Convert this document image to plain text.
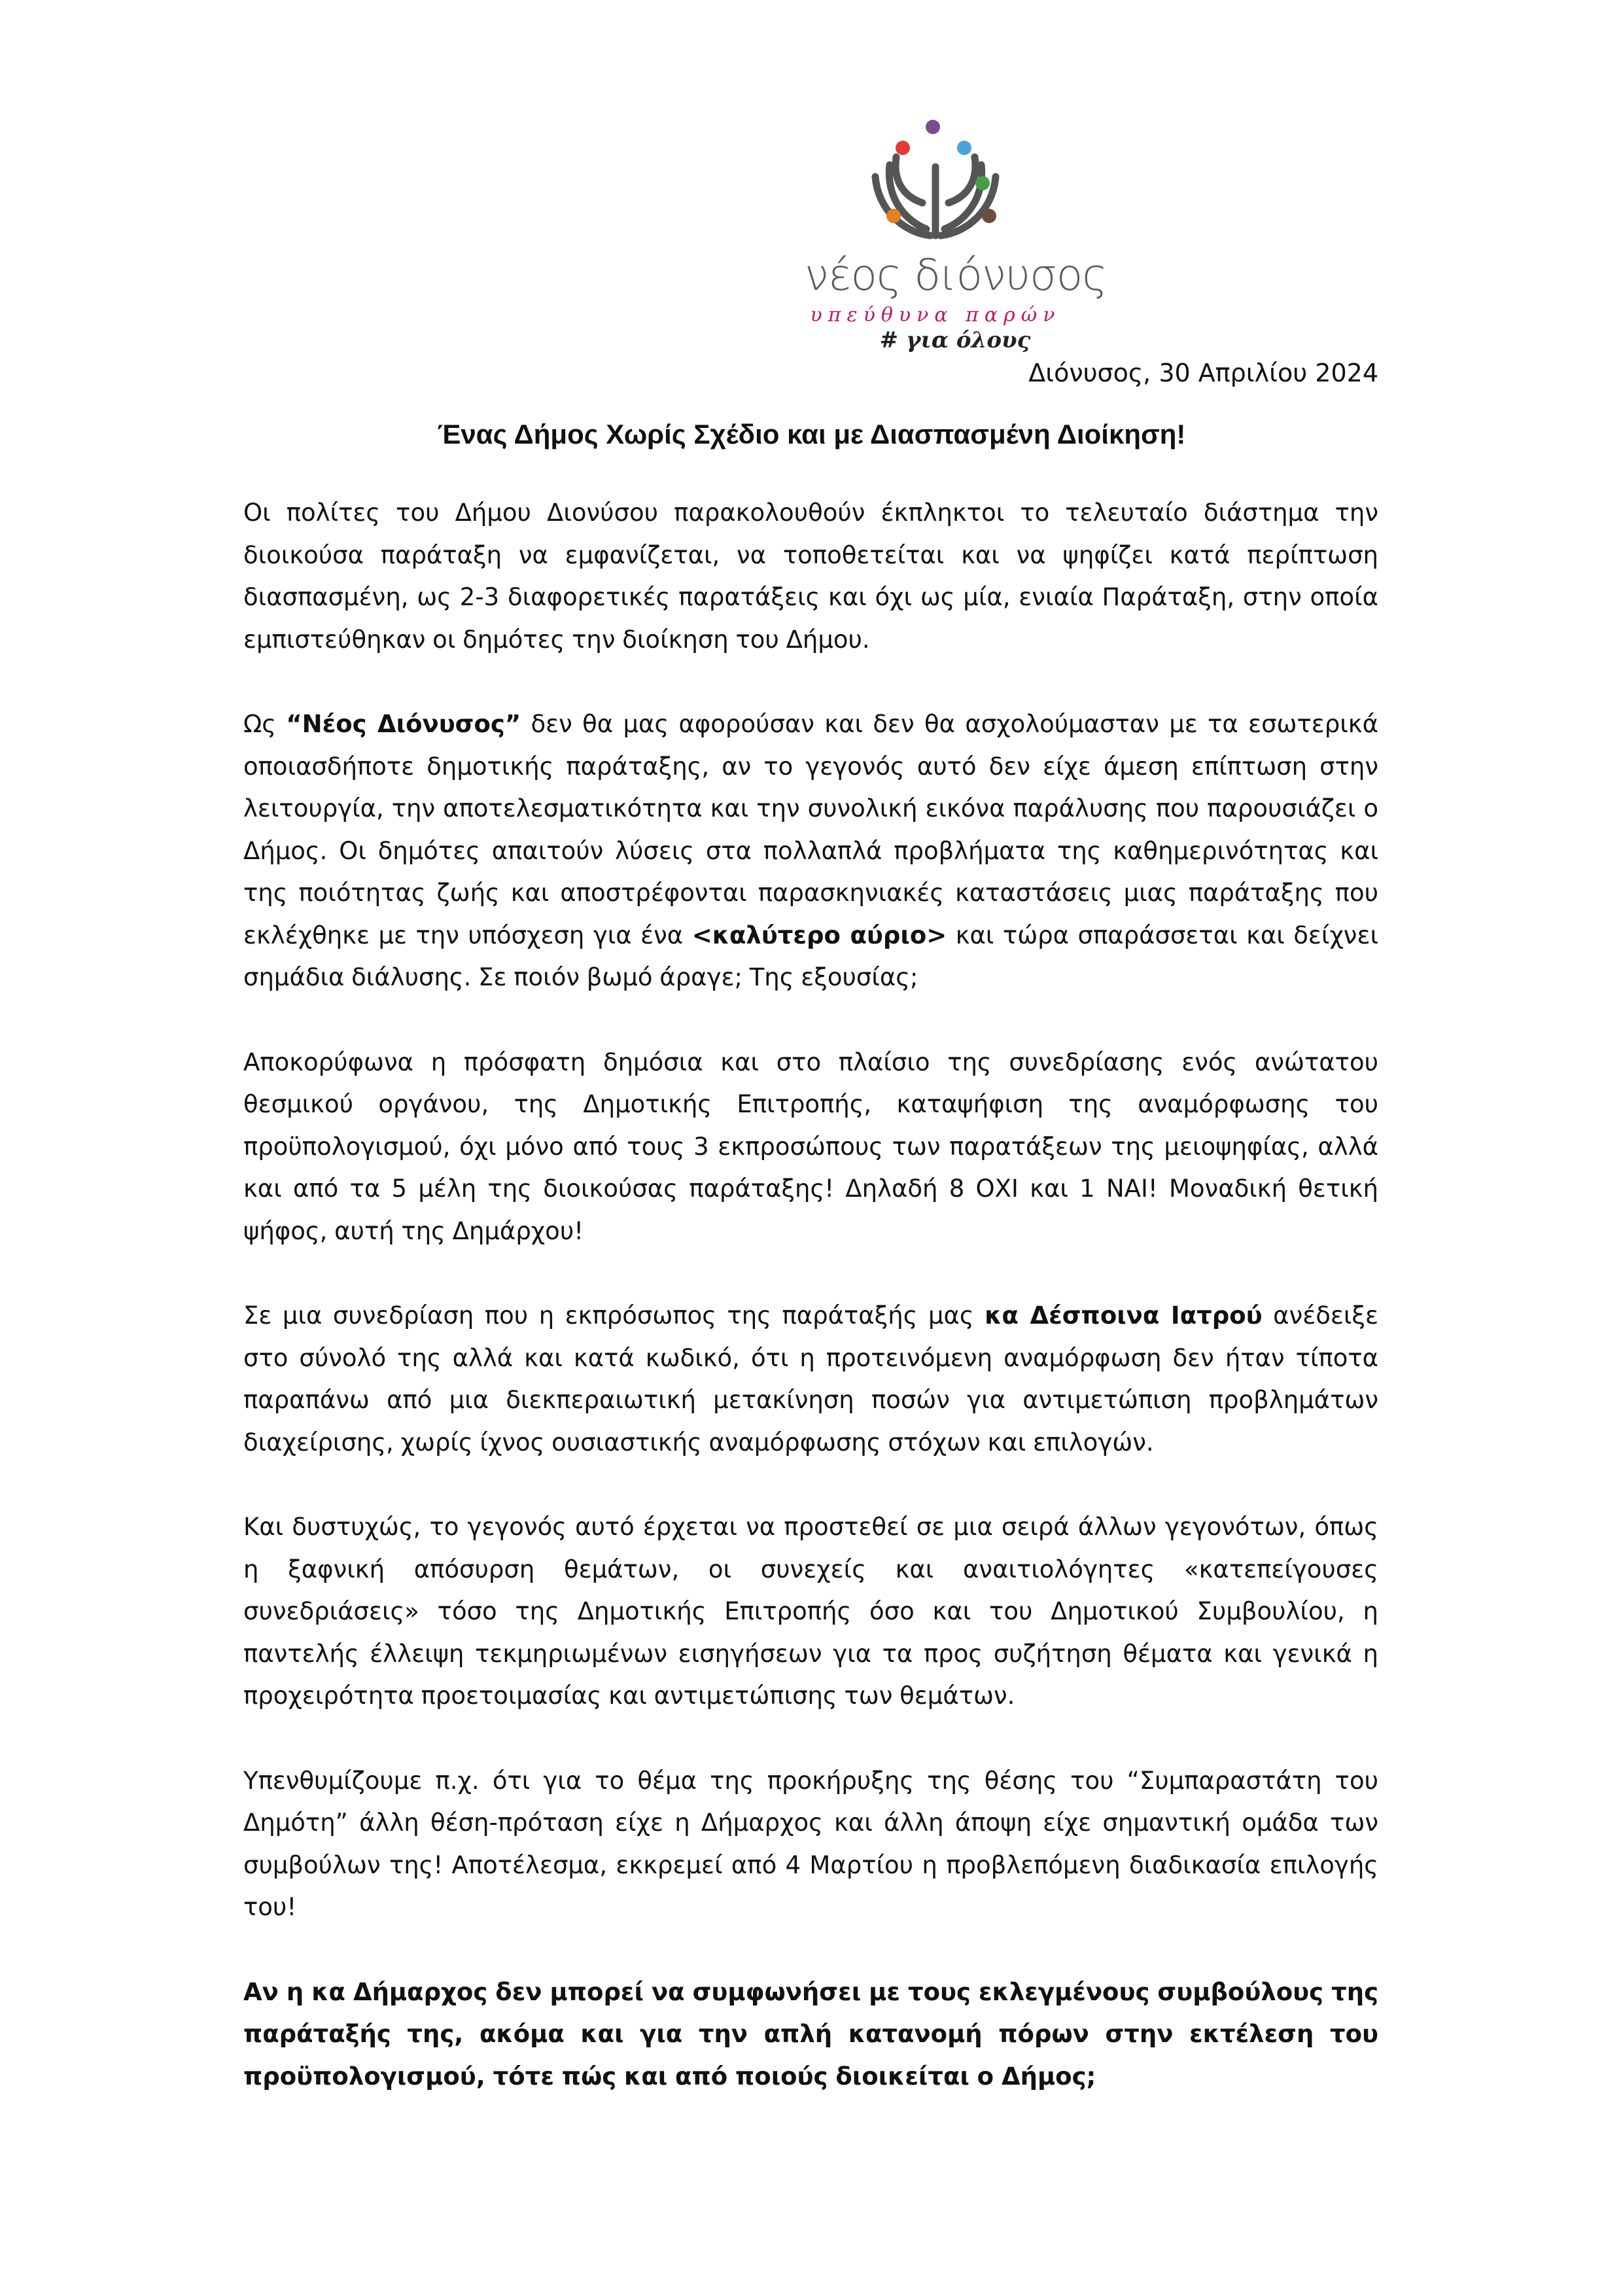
νέος διόνυσος
υπεύθυνα παρών
# για όλους
Διόνυσος, 30 Απριλίου 2024
Ένας Δήμος Χωρίς Σχέδιο και με Διασπασμένη Διοίκηση!

Οι πολίτες του Δήμου Διονύσου παρακολουθούν έκπληκτοι το τελευταίο διάστημα την διοικούσα παράταξη να εμφανίζεται, να τοποθετείται και να ψηφίζει κατά περίπτωση διασπασμένη, ως 2-3 διαφορετικές παρατάξεις και όχι ως μία, ενιαία Παράταξη, στην οποία εμπιστεύθηκαν οι δημότες την διοίκηση του Δήμου.

Ως “Νέος Διόνυσος” δεν θα μας αφορούσαν και δεν θα ασχολούμασταν με τα εσωτερικά οποιασδήποτε δημοτικής παράταξης, αν το γεγονός αυτό δεν είχε άμεση επίπτωση στην λειτουργία, την αποτελεσματικότητα και την συνολική εικόνα παράλυσης που παρουσιάζει ο Δήμος. Οι δημότες απαιτούν λύσεις στα πολλαπλά προβλήματα της καθημερινότητας και της ποιότητας ζωής και αποστρέφονται παρασκηνιακές καταστάσεις μιας παράταξης που εκλέχθηκε με την υπόσχεση για ένα <καλύτερο αύριο> και τώρα σπαράσσεται και δείχνει σημάδια διάλυσης. Σε ποιόν βωμό άραγε; Της εξουσίας;

Αποκορύφωνα η πρόσφατη δημόσια και στο πλαίσιο της συνεδρίασης ενός ανώτατου θεσμικού οργάνου, της Δημοτικής Επιτροπής, καταψήφιση της αναμόρφωσης του προϋπολογισμού, όχι μόνο από τους 3 εκπροσώπους των παρατάξεων της μειοψηφίας, αλλά και από τα 5 μέλη της διοικούσας παράταξης! Δηλαδή 8 ΟΧΙ και 1 ΝΑΙ! Μοναδική θετική ψήφος, αυτή της Δημάρχου!

Σε μια συνεδρίαση που η εκπρόσωπος της παράταξής μας κα Δέσποινα Ιατρού ανέδειξε στο σύνολό της αλλά και κατά κωδικό, ότι η προτεινόμενη αναμόρφωση δεν ήταν τίποτα παραπάνω από μια διεκπεραιωτική μετακίνηση ποσών για αντιμετώπιση προβλημάτων διαχείρισης, χωρίς ίχνος ουσιαστικής αναμόρφωσης στόχων και επιλογών.

Και δυστυχώς, το γεγονός αυτό έρχεται να προστεθεί σε μια σειρά άλλων γεγονότων, όπως η ξαφνική απόσυρση θεμάτων, οι συνεχείς και αναιτιολόγητες «κατεπείγουσες συνεδριάσεις» τόσο της Δημοτικής Επιτροπής όσο και του Δημοτικού Συμβουλίου, η παντελής έλλειψη τεκμηριωμένων εισηγήσεων για τα προς συζήτηση θέματα και γενικά η προχειρότητα προετοιμασίας και αντιμετώπισης των θεμάτων.

Υπενθυμίζουμε π.χ. ότι για το θέμα της προκήρυξης της θέσης του “Συμπαραστάτη του Δημότη” άλλη θέση-πρόταση είχε η Δήμαρχος και άλλη άποψη είχε σημαντική ομάδα των συμβούλων της! Αποτέλεσμα, εκκρεμεί από 4 Μαρτίου η προβλεπόμενη διαδικασία επιλογής του!

Αν η κα Δήμαρχος δεν μπορεί να συμφωνήσει με τους εκλεγμένους συμβούλους της παράταξής της, ακόμα και για την απλή κατανομή πόρων στην εκτέλεση του προϋπολογισμού, τότε πώς και από ποιούς διοικείται ο Δήμος;
